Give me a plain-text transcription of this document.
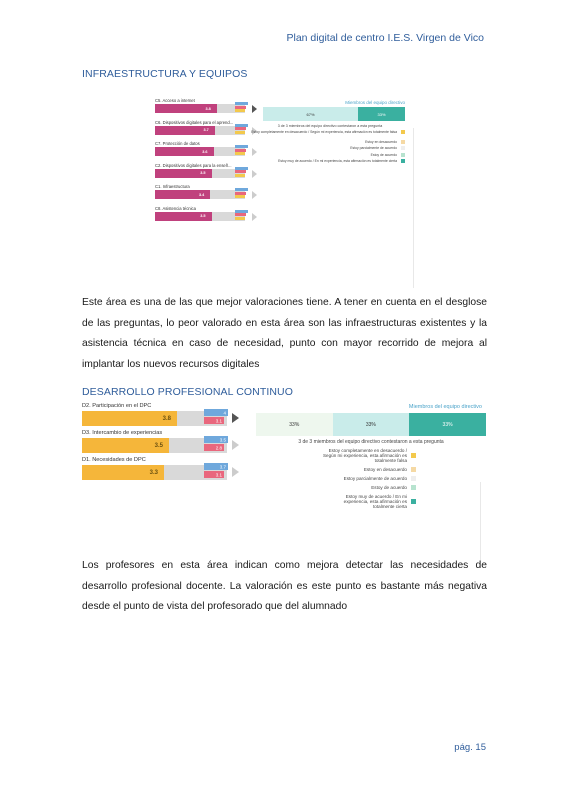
Plan digital de centro I.E.S. Virgen de Vico
INFRAESTRUCTURA Y EQUIPOS
C5. Acceso a internet
3.8
C6. Dispositivos digitales para el aprend...
3.7
C7. Protección de datos
3.6
C2. Dispositivos digitales para la enseñ...
3.5
C1. Infraestructura
3.4
C8. Asistencia técnica
3.5
Miembros del equipo directivo
67%	33%
3 de 3 miembros del equipo directivo contestaron a esta pregunta
Estoy completamente en desacuerdo / Según mi experiencia, esta afirmación es totalmente falsa
Estoy en desacuerdo
Estoy parcialmente de acuerdo
Estoy de acuerdo
Estoy muy de acuerdo / En mi experiencia, esta afirmación es totalmente cierta
Este área es una de las que mejor valoraciones tiene. A tener en cuenta en el desglose de las preguntas, lo peor valorado en esta área son las infraestructuras existentes y la asistencia técnica en caso de necesidad, punto con mayor recorrido de mejora al implantar los nuevos recursos digitales
DESARROLLO PROFESIONAL CONTINUO
D2. Participación en el DPC
3.8
4
3.1
D3. Intercambio de experiencias
3.5
3.5
2.8
D1. Necesidades de DPC
3.3
3.7
3.1
Miembros del equipo directivo
33%	33%	33%
3 de 3 miembros del equipo directivo contestaron a esta pregunta
Estoy completamente en desacuerdo / Según mi experiencia, esta afirmación es totalmente falsa
Estoy en desacuerdo
Estoy parcialmente de acuerdo
Estoy de acuerdo
Estoy muy de acuerdo / En mi experiencia, esta afirmación es totalmente cierta
Los profesores en esta área indican como mejora detectar las necesidades de desarrollo profesional docente. La valoración es este punto es bastante más negativa desde el punto de vista del profesorado que del alumnado
pág. 15
